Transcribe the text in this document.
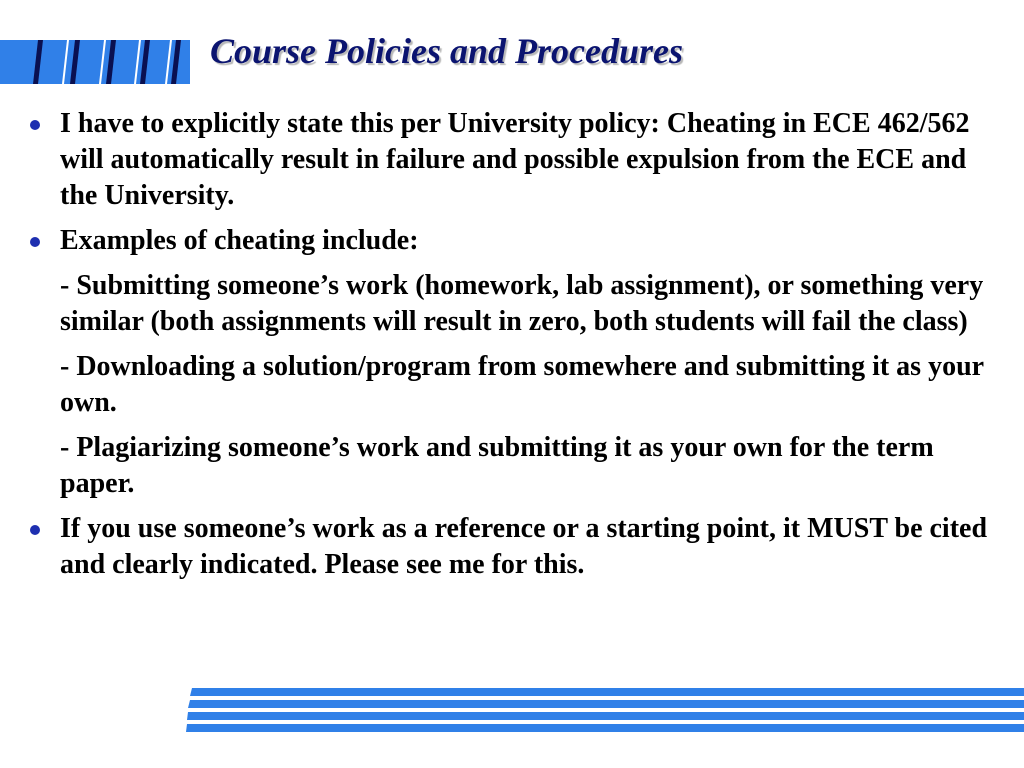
Course Policies and Procedures
I have to explicitly state this per University policy: Cheating in ECE 462/562 will automatically result in failure and possible expulsion from the ECE and the University.
Examples of cheating include:
- Submitting someone’s work (homework, lab assignment), or something very similar (both assignments will result in zero, both students will fail the class)
- Downloading a solution/program from somewhere and submitting it as your own.
- Plagiarizing someone’s work and submitting it as your own for the term paper.
If you use someone’s work as a reference or a starting point, it MUST be cited and clearly indicated. Please see me for this.
